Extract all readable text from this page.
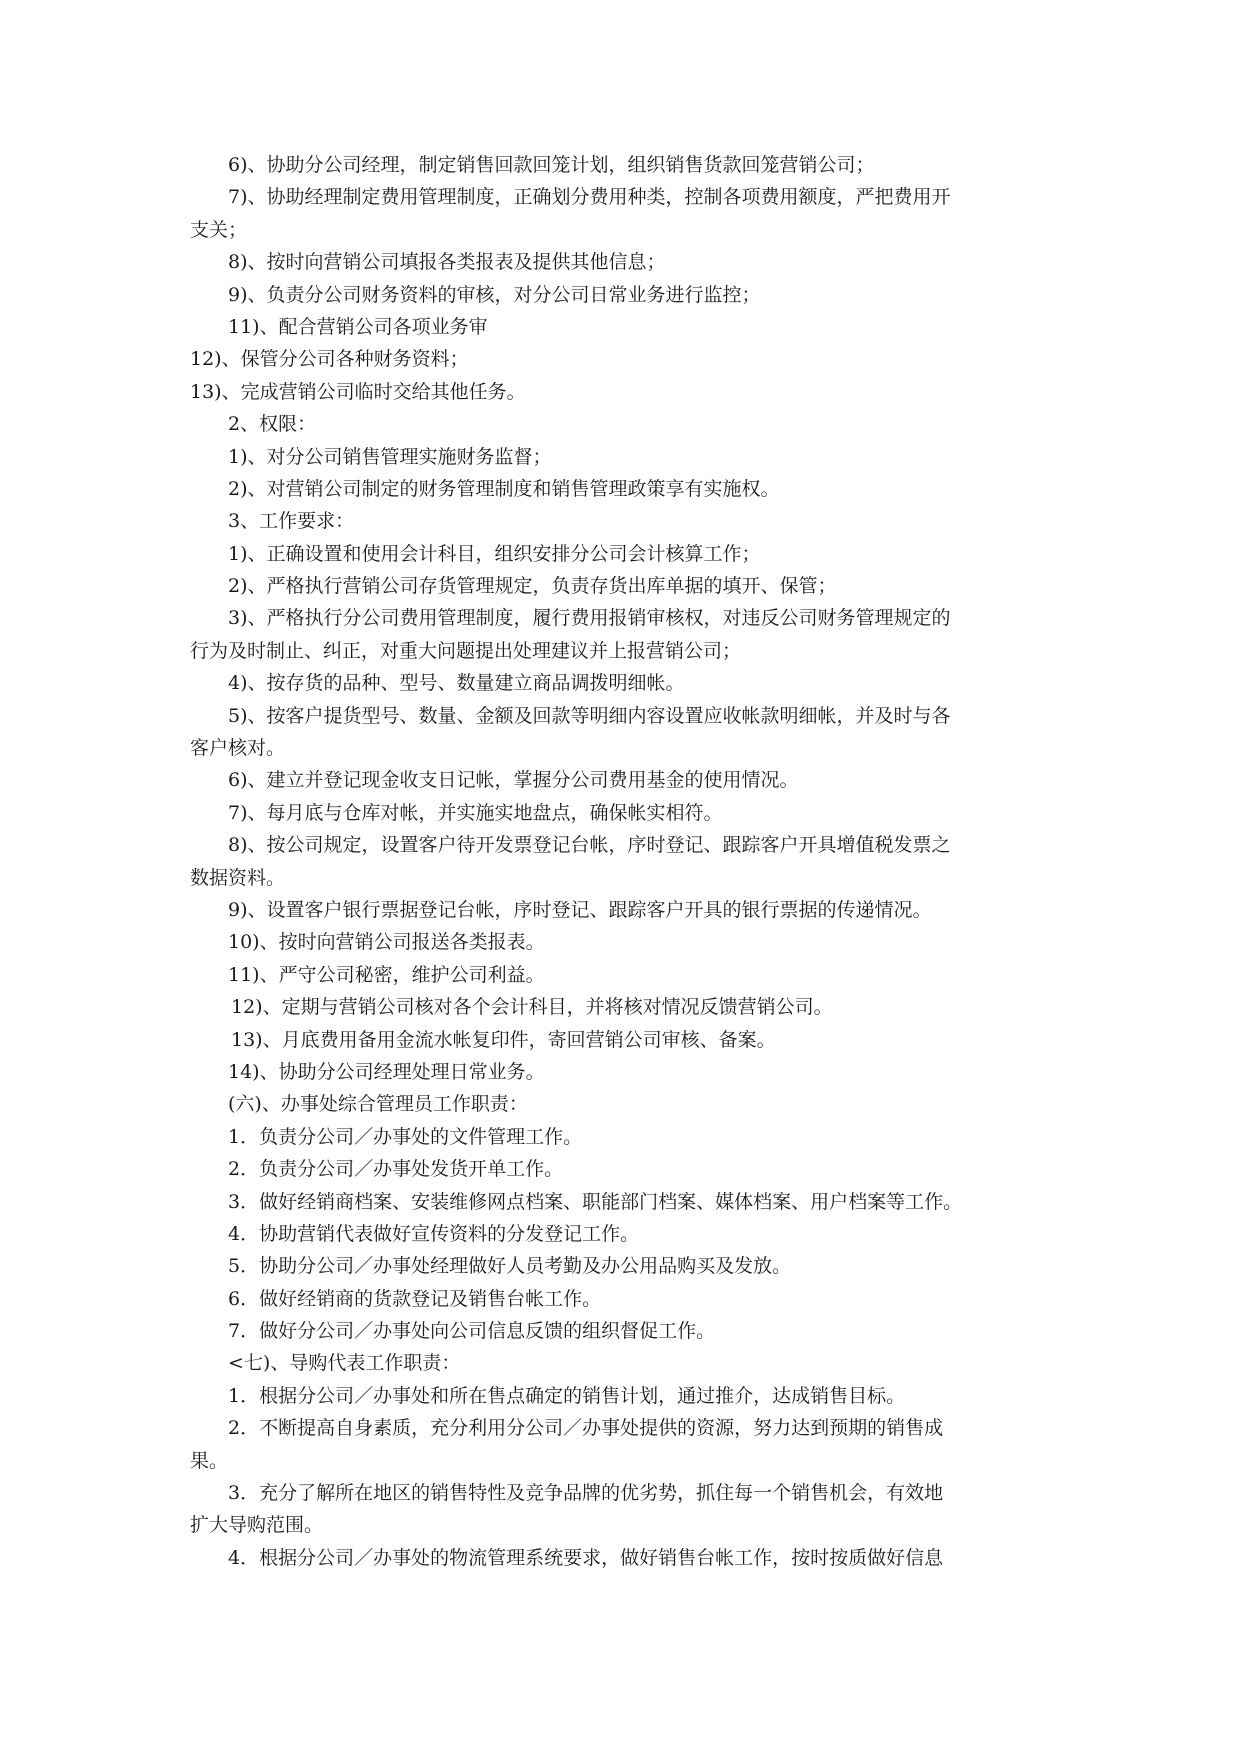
6)、协助分公司经理，制定销售回款回笼计划，组织销售货款回笼营销公司；
7)、协助经理制定费用管理制度，正确划分费用种类，控制各项费用额度，严把费用开
支关；
8)、按时向营销公司填报各类报表及提供其他信息；
9)、负责分公司财务资料的审核，对分公司日常业务进行监控；
11)、配合营销公司各项业务审
12)、保管分公司各种财务资料；
13)、完成营销公司临时交给其他任务。
2、权限：
1)、对分公司销售管理实施财务监督；
2)、对营销公司制定的财务管理制度和销售管理政策享有实施权。
3、工作要求：
1)、正确设置和使用会计科目，组织安排分公司会计核算工作；
2)、严格执行营销公司存货管理规定，负责存货出库单据的填开、保管；
3)、严格执行分公司费用管理制度，履行费用报销审核权，对违反公司财务管理规定的
行为及时制止、纠正，对重大问题提出处理建议并上报营销公司；
4)、按存货的品种、型号、数量建立商品调拨明细帐。
5)、按客户提货型号、数量、金额及回款等明细内容设置应收帐款明细帐，并及时与各
客户核对。
6)、建立并登记现金收支日记帐，掌握分公司费用基金的使用情况。
7)、每月底与仓库对帐，并实施实地盘点，确保帐实相符。
8)、按公司规定，设置客户待开发票登记台帐，序时登记、跟踪客户开具增值税发票之
数据资料。
9)、设置客户银行票据登记台帐，序时登记、跟踪客户开具的银行票据的传递情况。
10)、按时向营销公司报送各类报表。
11)、严守公司秘密，维护公司利益。
12)、定期与营销公司核对各个会计科目，并将核对情况反馈营销公司。
13)、月底费用备用金流水帐复印件，寄回营销公司审核、备案。
14)、协助分公司经理处理日常业务。
(六)、办事处综合管理员工作职责：
1．负责分公司／办事处的文件管理工作。
2．负责分公司／办事处发货开单工作。
3．做好经销商档案、安装维修网点档案、职能部门档案、媒体档案、用户档案等工作。
4．协助营销代表做好宣传资料的分发登记工作。
5．协助分公司／办事处经理做好人员考勤及办公用品购买及发放。
6．做好经销商的货款登记及销售台帐工作。
7．做好分公司／办事处向公司信息反馈的组织督促工作。
<七)、导购代表工作职责：
1．根据分公司／办事处和所在售点确定的销售计划，通过推介，达成销售目标。
2．不断提高自身素质，充分利用分公司／办事处提供的资源，努力达到预期的销售成
果。
3．充分了解所在地区的销售特性及竞争品牌的优劣势，抓住每一个销售机会，有效地
扩大导购范围。
4．根据分公司／办事处的物流管理系统要求，做好销售台帐工作，按时按质做好信息
